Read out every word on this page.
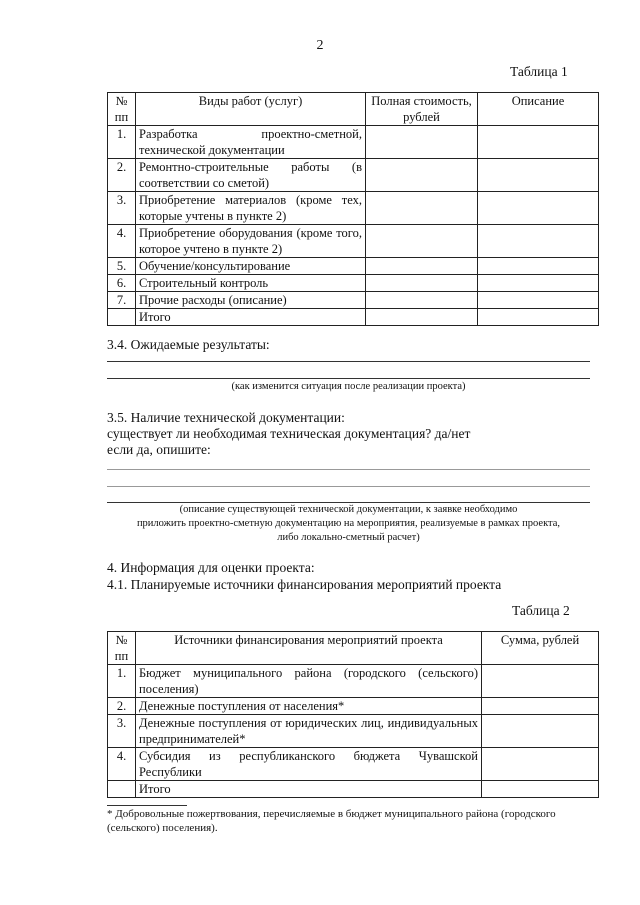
2
Таблица 1
№
пп	Виды работ (услуг)	Полная стоимость, рублей	Описание
1.	Разработка проектно-сметной, технической документации		
2.	Ремонтно-строительные работы (в соответствии со сметой)		
3.	Приобретение материалов (кроме тех, которые учтены в пункте 2)		
4.	Приобретение оборудования (кроме того, которое учтено в пункте 2)		
5.	Обучение/консультирование		
6.	Строительный контроль		
7.	Прочие расходы (описание)		
	Итого		
3.4. Ожидаемые результаты:
(как изменится ситуация после реализации проекта)
3.5. Наличие технической документации:
существует ли необходимая техническая документация? да/нет
если да, опишите:
(описание существующей технической документации, к заявке необходимо
приложить проектно-сметную документацию на мероприятия, реализуемые в рамках проекта,
либо локально-сметный расчет)
4. Информация для оценки проекта:
4.1. Планируемые источники финансирования мероприятий проекта
Таблица 2
№
пп	Источники финансирования мероприятий проекта	Сумма, рублей
1.	Бюджет муниципального района (городского (сельского) поселения)	
2.	Денежные поступления от населения*	
3.	Денежные поступления от юридических лиц, индивидуальных предпринимателей*	
4.	Субсидия из республиканского бюджета Чувашской Республики	
	Итого	
* Добровольные пожертвования, перечисляемые в бюджет муниципального района (городского (сельского) поселения).
